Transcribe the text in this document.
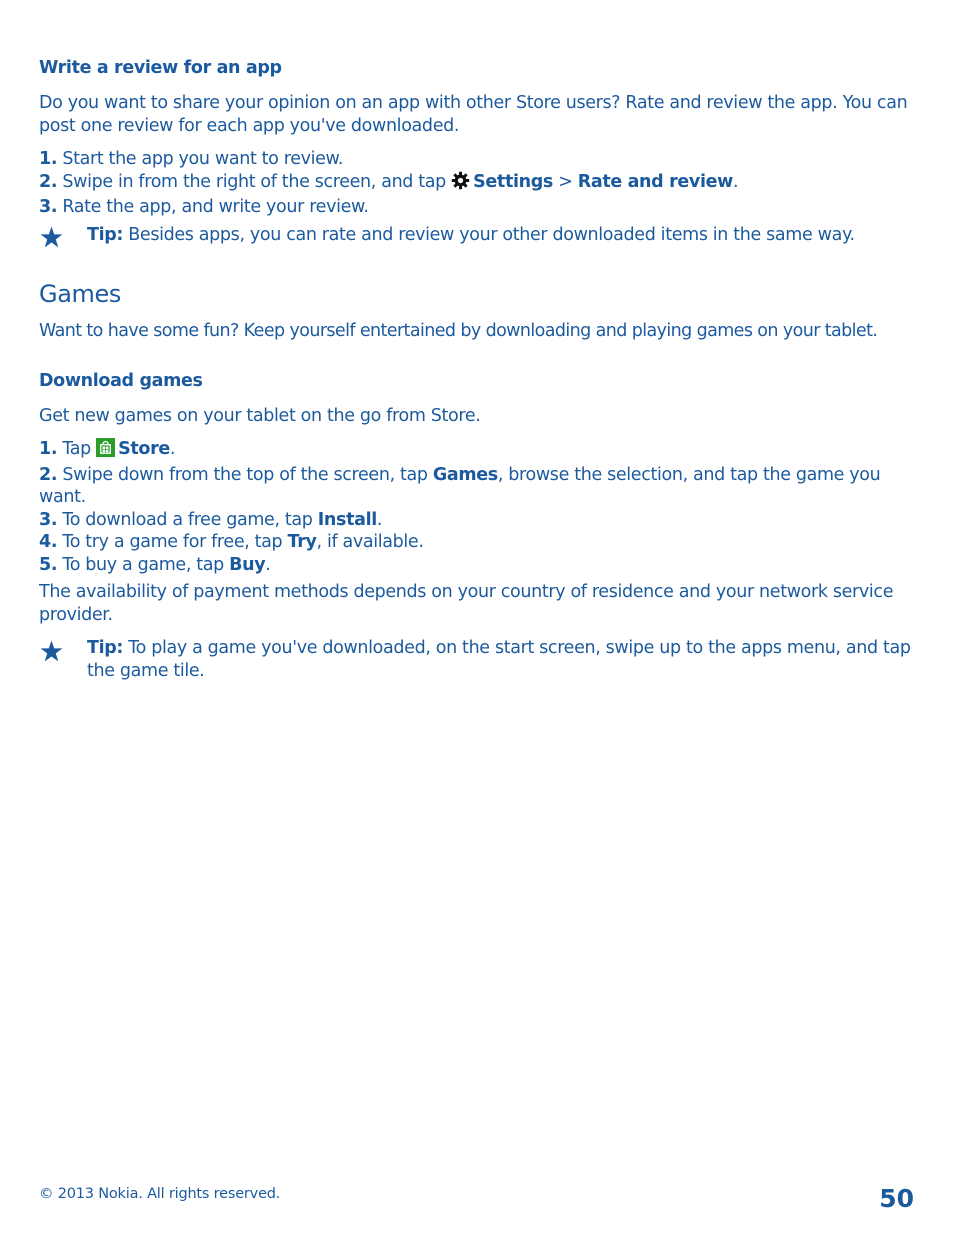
Write a review for an app

Do you want to share your opinion on an app with other Store users? Rate and review the app. You can post one review for each app you've downloaded.

1. Start the app you want to review.
2. Swipe in from the right of the screen, and tap Settings > Rate and review.
3. Rate the app, and write your review.

Tip: Besides apps, you can rate and review your other downloaded items in the same way.

Games

Want to have some fun? Keep yourself entertained by downloading and playing games on your tablet.

Download games

Get new games on your tablet on the go from Store.

1. Tap Store.
2. Swipe down from the top of the screen, tap Games, browse the selection, and tap the game you want.
3. To download a free game, tap Install.
4. To try a game for free, tap Try, if available.
5. To buy a game, tap Buy.

The availability of payment methods depends on your country of residence and your network service provider.

Tip: To play a game you've downloaded, on the start screen, swipe up to the apps menu, and tap the game tile.

© 2013 Nokia. All rights reserved.	50
